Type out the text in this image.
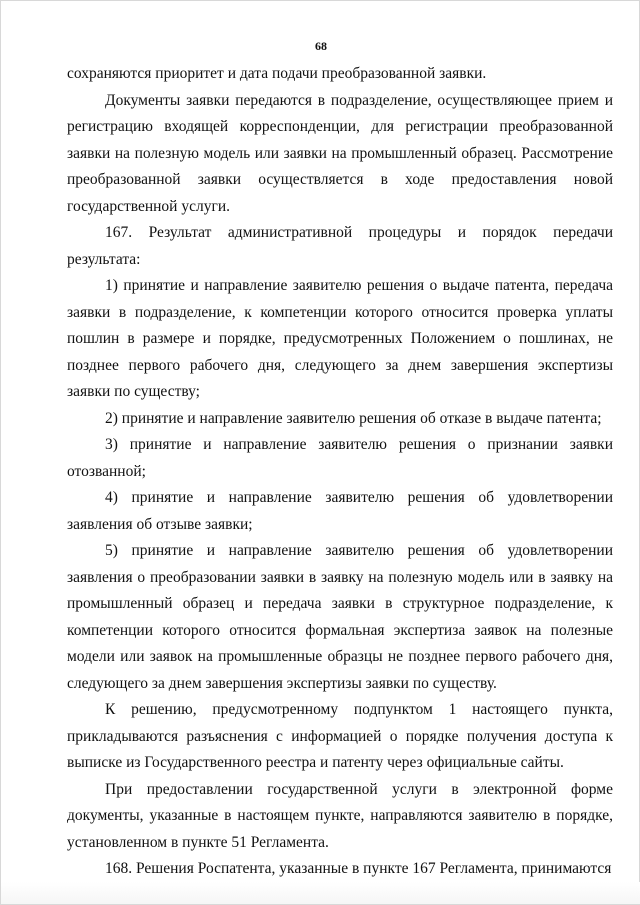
68

сохраняются приоритет и дата подачи преобразованной заявки.

Документы заявки передаются в подразделение, осуществляющее прием и регистрацию входящей корреспонденции, для регистрации преобразованной заявки на полезную модель или заявки на промышленный образец. Рассмотрение преобразованной заявки осуществляется в ходе предоставления новой государственной услуги.

167. Результат административной процедуры и порядок передачи результата:

1) принятие и направление заявителю решения о выдаче патента, передача заявки в подразделение, к компетенции которого относится проверка уплаты пошлин в размере и порядке, предусмотренных Положением о пошлинах, не позднее первого рабочего дня, следующего за днем завершения экспертизы заявки по существу;

2) принятие и направление заявителю решения об отказе в выдаче патента;

3) принятие и направление заявителю решения о признании заявки отозванной;

4) принятие и направление заявителю решения об удовлетворении заявления об отзыве заявки;

5) принятие и направление заявителю решения об удовлетворении заявления о преобразовании заявки в заявку на полезную модель или в заявку на промышленный образец и передача заявки в структурное подразделение, к компетенции которого относится формальная экспертиза заявок на полезные модели или заявок на промышленные образцы не позднее первого рабочего дня, следующего за днем завершения экспертизы заявки по существу.

К решению, предусмотренному подпунктом 1 настоящего пункта, прикладываются разъяснения с информацией о порядке получения доступа к выписке из Государственного реестра и патенту через официальные сайты.

При предоставлении государственной услуги в электронной форме документы, указанные в настоящем пункте, направляются заявителю в порядке, установленном в пункте 51 Регламента.

168. Решения Роспатента, указанные в пункте 167 Регламента, принимаются
